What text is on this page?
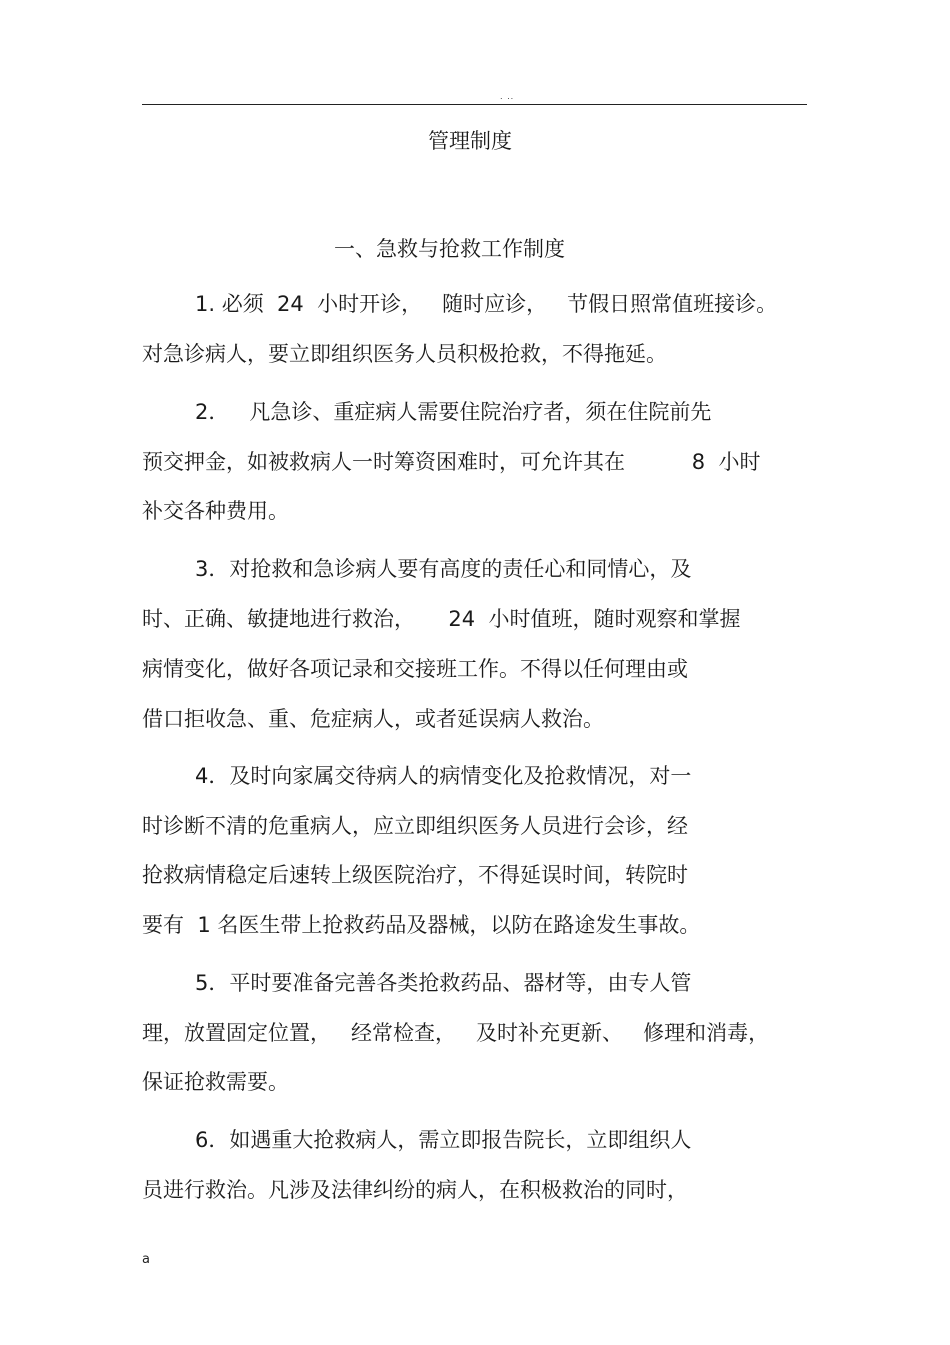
. ..
管理制度
一、急救与抢救工作制度
1. 必须  24  小时开诊，   随时应诊，   节假日照常值班接诊。
对急诊病人，要立即组织医务人员积极抢救，不得拖延。
2．   凡急诊、重症病人需要住院治疗者，须在住院前先
预交押金，如被救病人一时筹资困难时，可允许其在          8  小时
补交各种费用。
3．对抢救和急诊病人要有高度的责任心和同情心，及
时、正确、敏捷地进行救治，     24  小时值班，随时观察和掌握
病情变化，做好各项记录和交接班工作。不得以任何理由或
借口拒收急、重、危症病人，或者延误病人救治。
4．及时向家属交待病人的病情变化及抢救情况，对一
时诊断不清的危重病人，应立即组织医务人员进行会诊，经
抢救病情稳定后速转上级医院治疗，不得延误时间，转院时
要有  1 名医生带上抢救药品及器械，以防在路途发生事故。
5．平时要准备完善各类抢救药品、器材等，由专人管
理，放置固定位置，   经常检查，   及时补充更新、   修理和消毒，
保证抢救需要。
6．如遇重大抢救病人，需立即报告院长，立即组织人
员进行救治。凡涉及法律纠纷的病人，在积极救治的同时，
a
